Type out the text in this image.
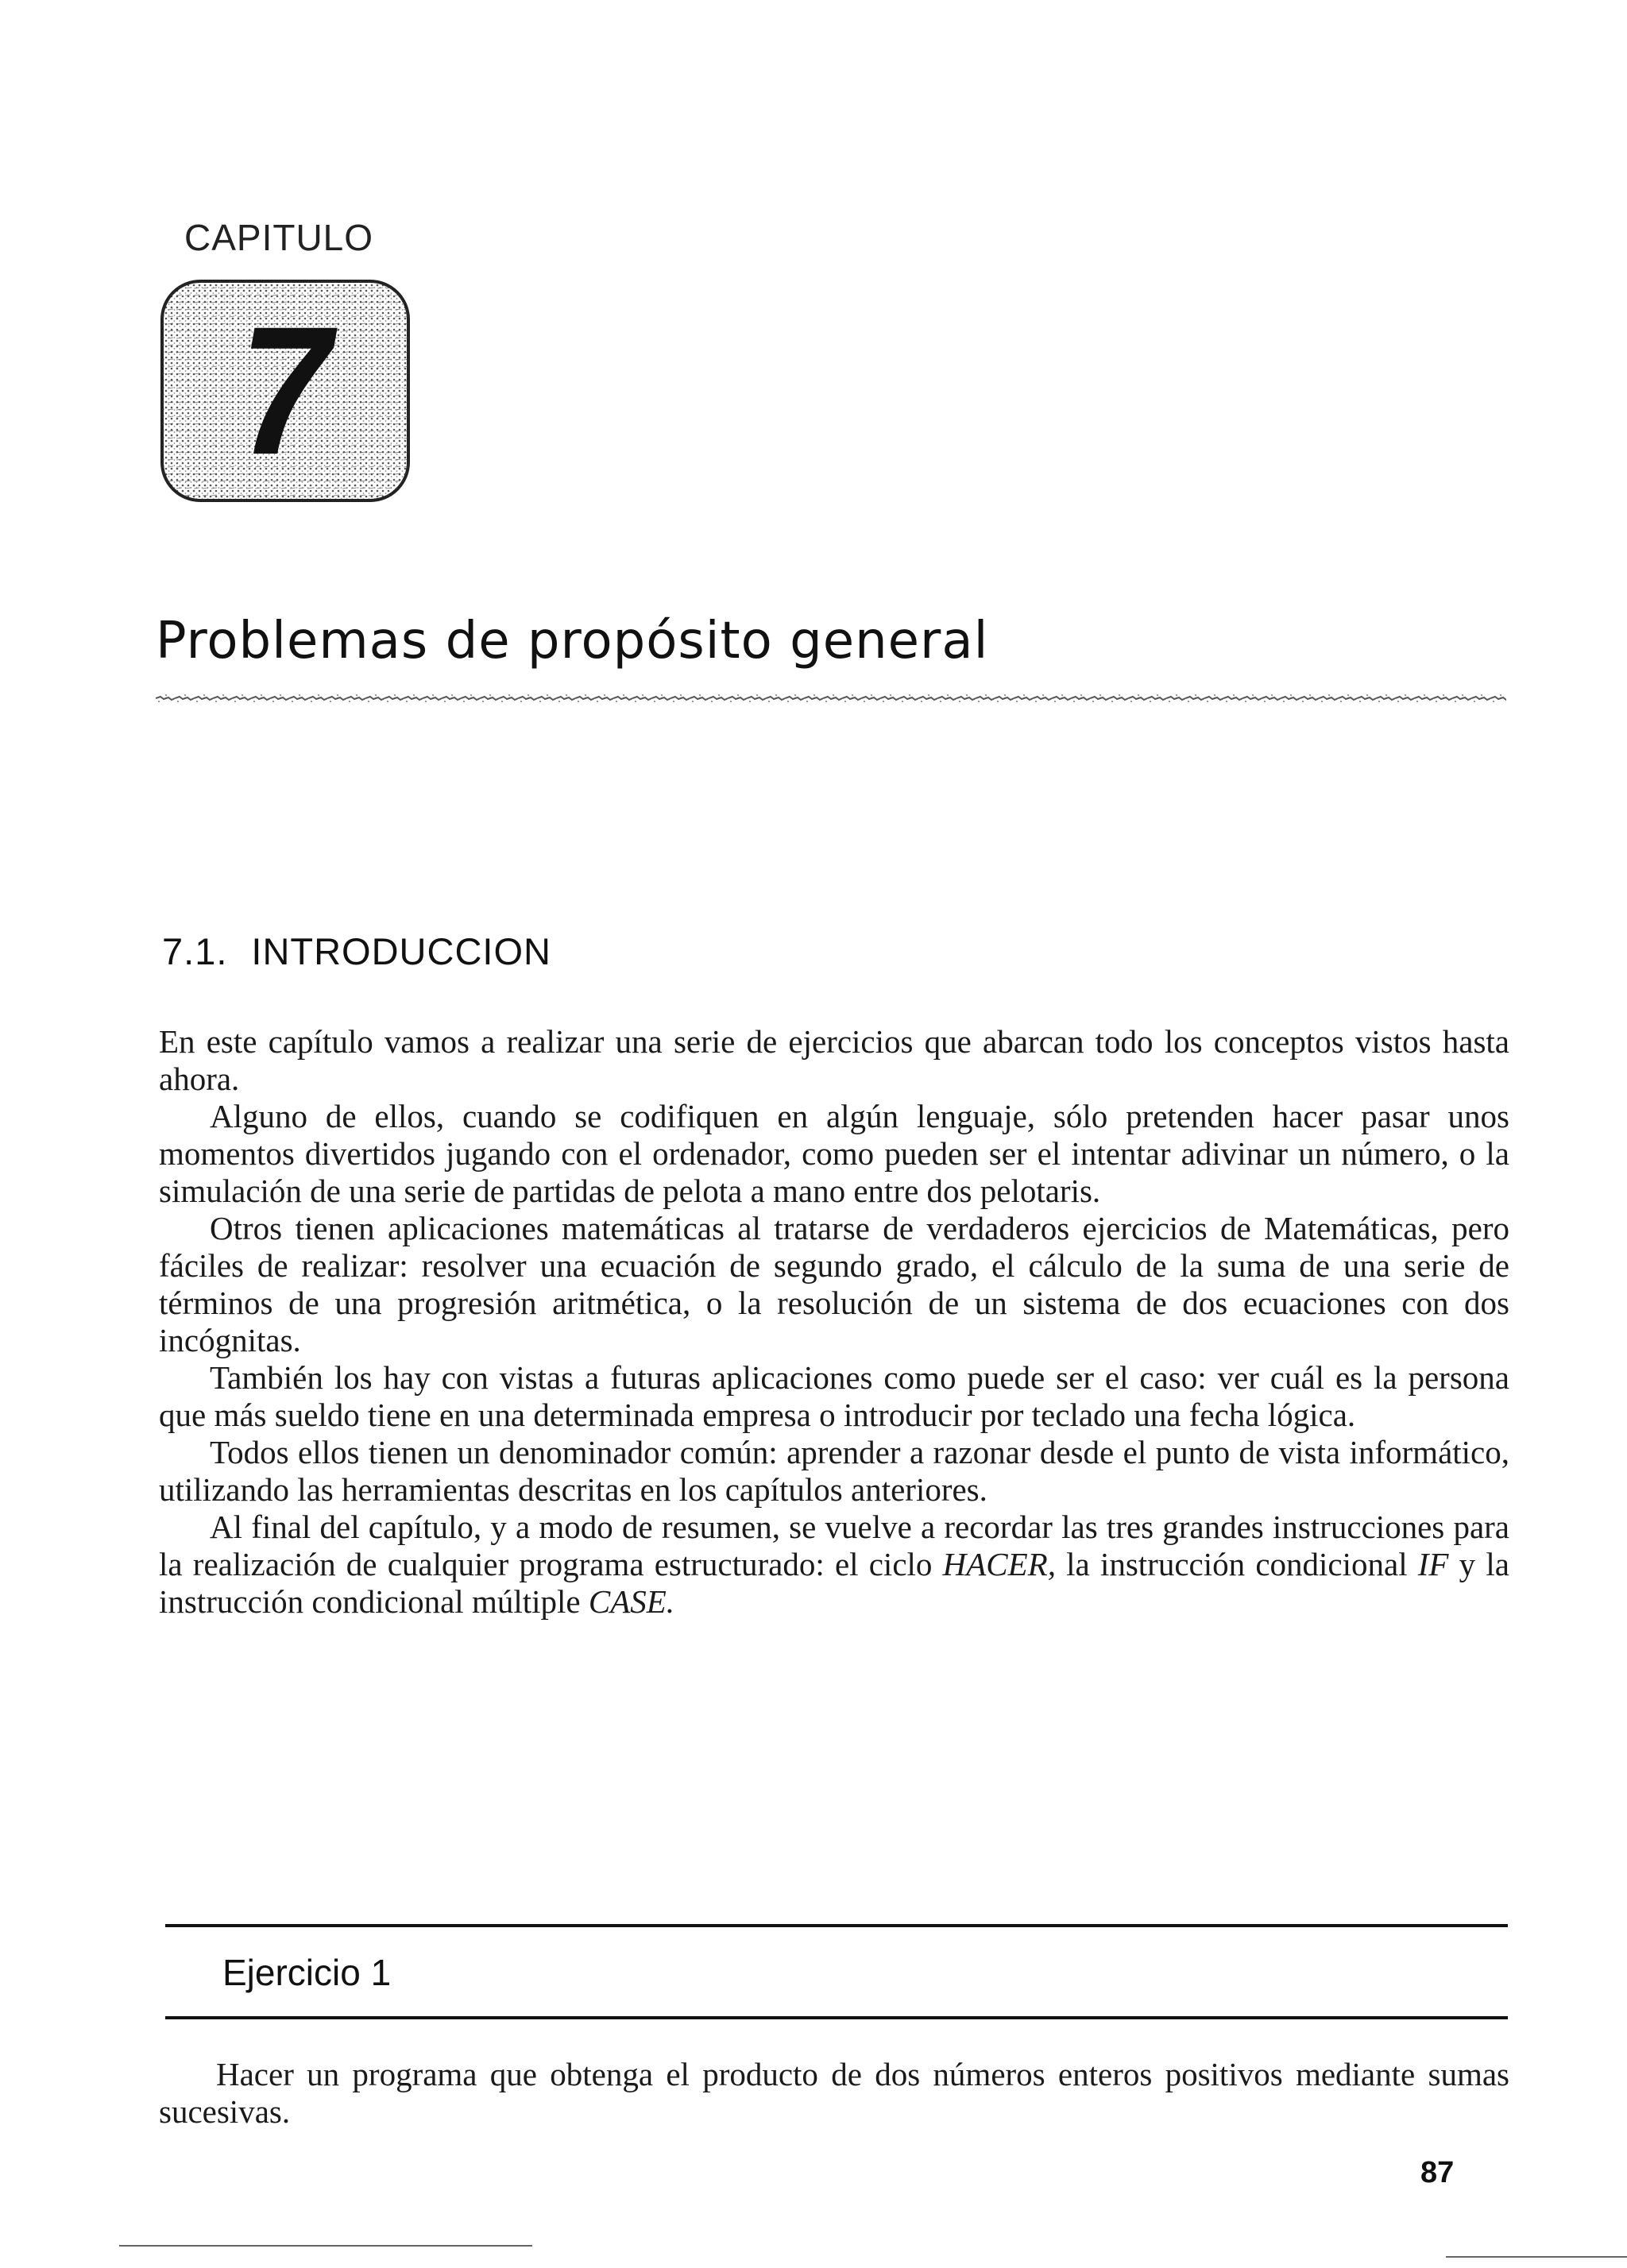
CAPITULO
7
Problemas de propósito general
7.1. INTRODUCCION

En este capítulo vamos a realizar una serie de ejercicios que abarcan todo los conceptos vistos hasta ahora.

Alguno de ellos, cuando se codifiquen en algún lenguaje, sólo pretenden hacer pasar unos momentos divertidos jugando con el ordenador, como pueden ser el intentar adivinar un número, o la simulación de una serie de partidas de pelota a mano entre dos pelotaris.

Otros tienen aplicaciones matemáticas al tratarse de verdaderos ejercicios de Matemáticas, pero fáciles de realizar: resolver una ecuación de segundo grado, el cálculo de la suma de una serie de términos de una progresión aritmética, o la resolución de un sistema de dos ecuaciones con dos incógnitas.

También los hay con vistas a futuras aplicaciones como puede ser el caso: ver cuál es la persona que más sueldo tiene en una determinada empresa o introducir por teclado una fecha lógica.

Todos ellos tienen un denominador común: aprender a razonar desde el punto de vista informático, utilizando las herramientas descritas en los capítulos anteriores.

Al final del capítulo, y a modo de resumen, se vuelve a recordar las tres grandes instrucciones para la realización de cualquier programa estructurado: el ciclo HACER, la instrucción condicional IF y la instrucción condicional múltiple CASE.

Ejercicio 1

Hacer un programa que obtenga el producto de dos números enteros positivos mediante sumas sucesivas.

87
